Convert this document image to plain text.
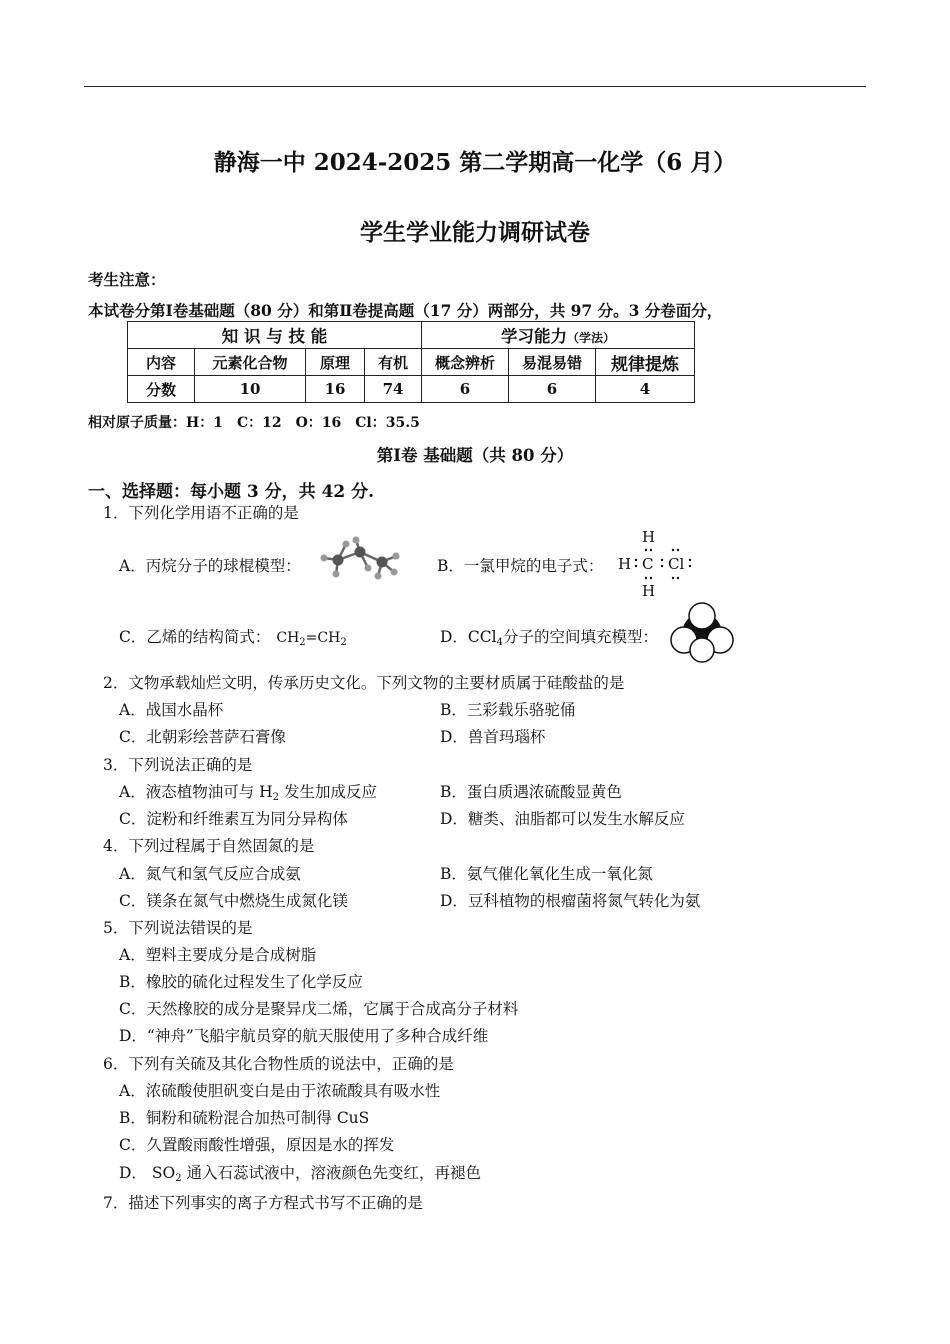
静海一中 2024-2025 第二学期高一化学（6 月）
学生学业能力调研试卷
考生注意：
本试卷分第Ⅰ卷基础题（80 分）和第Ⅱ卷提高题（17 分）两部分，共 97 分。3 分卷面分，
知 识 与 技 能				学习能力（学法）		
内容	元素化合物	原理	有机	概念辨析	易混易错	规律提炼
分数	10	16	74	6	6	4
相对原子质量：H：1　C：12　O：16　Cl：35.5
第Ⅰ卷 基础题（共 80 分）
一、选择题：每小题 3 分，共 42 分.
1．下列化学用语不正确的是
A．丙烷分子的球棍模型：	B．一氯甲烷的电子式：
H
H C Cl
H
C．乙烯的结构简式： $CH_2=CH_2$	D．CCl$_4$分子的空间填充模型：
2．文物承载灿烂文明，传承历史文化。下列文物的主要材质属于硅酸盐的是
A．战国水晶杯	B．三彩载乐骆驼俑
C．北朝彩绘菩萨石膏像	D．兽首玛瑙杯
3．下列说法正确的是
A．液态植物油可与 $H_2$ 发生加成反应	B．蛋白质遇浓硫酸显黄色
C．淀粉和纤维素互为同分异构体	D．糖类、油脂都可以发生水解反应
4．下列过程属于自然固氮的是
A．氮气和氢气反应合成氨	B．氨气催化氧化生成一氧化氮
C．镁条在氮气中燃烧生成氮化镁	D．豆科植物的根瘤菌将氮气转化为氨
5．下列说法错误的是
A．塑料主要成分是合成树脂
B．橡胶的硫化过程发生了化学反应
C．天然橡胶的成分是聚异戊二烯，它属于合成高分子材料
D．“神舟”飞船宇航员穿的航天服使用了多种合成纤维
6．下列有关硫及其化合物性质的说法中，正确的是
A．浓硫酸使胆矾变白是由于浓硫酸具有吸水性
B．铜粉和硫粉混合加热可制得 CuS
C．久置酸雨酸性增强，原因是水的挥发
D． $SO_2$ 通入石蕊试液中，溶液颜色先变红，再褪色
7．描述下列事实的离子方程式书写不正确的是
